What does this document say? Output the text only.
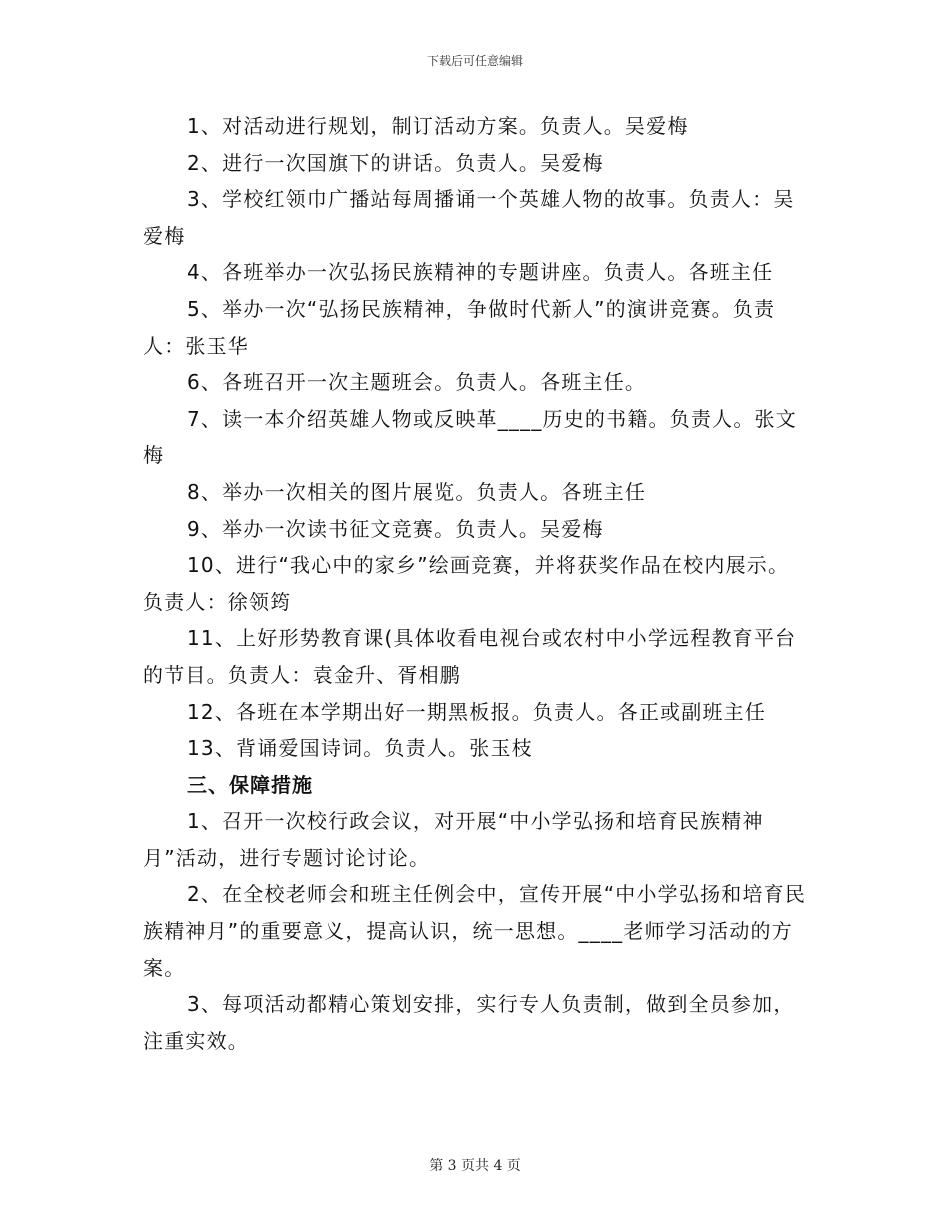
下载后可任意编辑

1、对活动进行规划，制订活动方案。负责人。吴爱梅

2、进行一次国旗下的讲话。负责人。吴爱梅

3、学校红领巾广播站每周播诵一个英雄人物的故事。负责人：吴爱梅

4、各班举办一次弘扬民族精神的专题讲座。负责人。各班主任

5、举办一次“弘扬民族精神，争做时代新人”的演讲竞赛。负责人：张玉华

6、各班召开一次主题班会。负责人。各班主任。

7、读一本介绍英雄人物或反映革____历史的书籍。负责人。张文梅

8、举办一次相关的图片展览。负责人。各班主任

9、举办一次读书征文竞赛。负责人。吴爱梅

10、进行“我心中的家乡”绘画竞赛，并将获奖作品在校内展示。负责人：徐领筠

11、上好形势教育课(具体收看电视台或农村中小学远程教育平台的节目。负责人：袁金升、胥相鹏

12、各班在本学期出好一期黑板报。负责人。各正或副班主任

13、背诵爱国诗词。负责人。张玉枝

三、保障措施

1、召开一次校行政会议，对开展“中小学弘扬和培育民族精神月”活动，进行专题讨论讨论。

2、在全校老师会和班主任例会中，宣传开展“中小学弘扬和培育民族精神月”的重要意义，提高认识，统一思想。____老师学习活动的方案。

3、每项活动都精心策划安排，实行专人负责制，做到全员参加，注重实效。

第 3 页共 4 页
